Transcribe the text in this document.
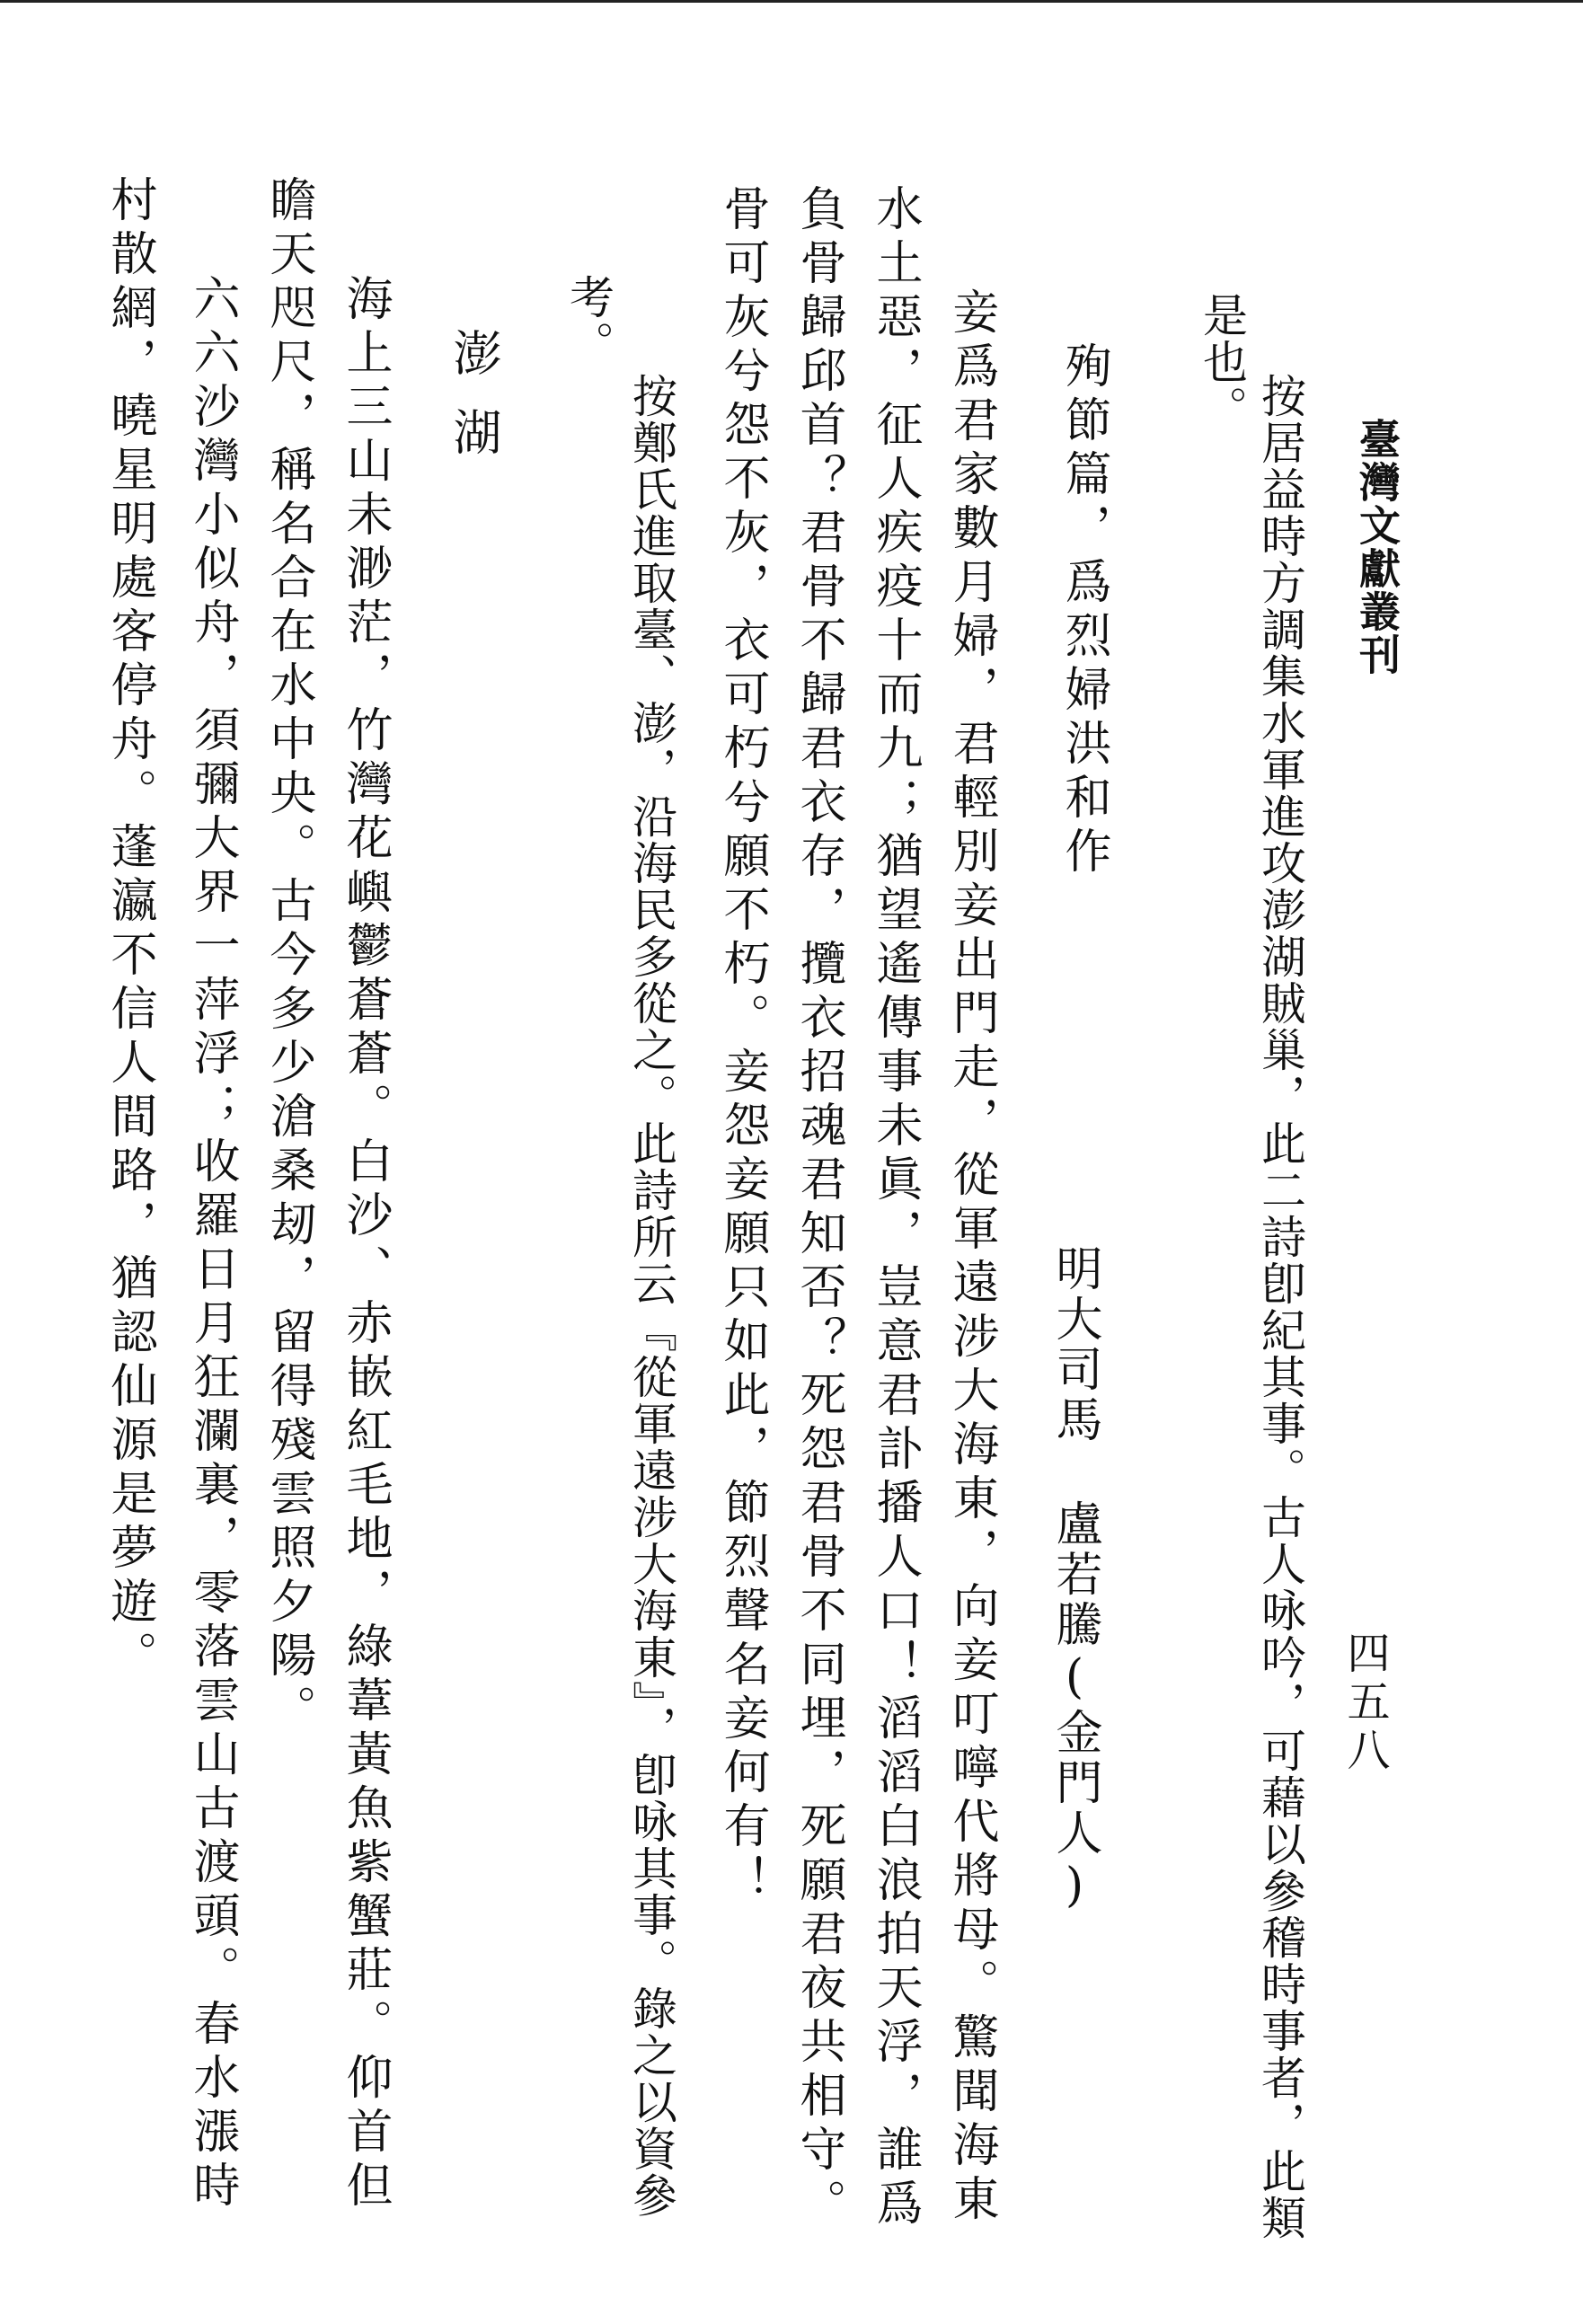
臺灣文獻叢刊
四五八
按居益時方調集水軍進攻澎湖賊巢，此二詩卽紀其事。古人咏吟，可藉以參稽時事者，此類
是也。
殉節篇，爲烈婦洪和作
明大司馬盧若騰(金門人)
妾爲君家數月婦，君輕別妾出門走，從軍遠涉大海東，向妾叮嚀代將母。驚聞海東
水土惡，征人疾疫十而九；猶望遙傳事未眞，豈意君訃播人口！滔滔白浪拍天浮，誰爲
負骨歸邱首？君骨不歸君衣存，攬衣招魂君知否？死怨君骨不同埋，死願君夜共相守。
骨可灰兮怨不灰，衣可朽兮願不朽。妾怨妾願只如此，節烈聲名妾何有！
按鄭氏進取臺、澎，沿海民多從之。此詩所云『從軍遠涉大海東』，卽咏其事。錄之以資參
考。
澎湖
海上三山未渺茫，竹灣花嶼鬱蒼蒼。白沙、赤嵌紅毛地，綠葦黃魚紫蟹莊。仰首但
瞻天咫尺，稱名合在水中央。古今多少滄桑刼，留得殘雲照夕陽。
六六沙灣小似舟，須彌大界一萍浮；收羅日月狂瀾裏，零落雲山古渡頭。春水漲時
村散網，曉星明處客停舟。蓬瀛不信人間路，猶認仙源是夢遊。
